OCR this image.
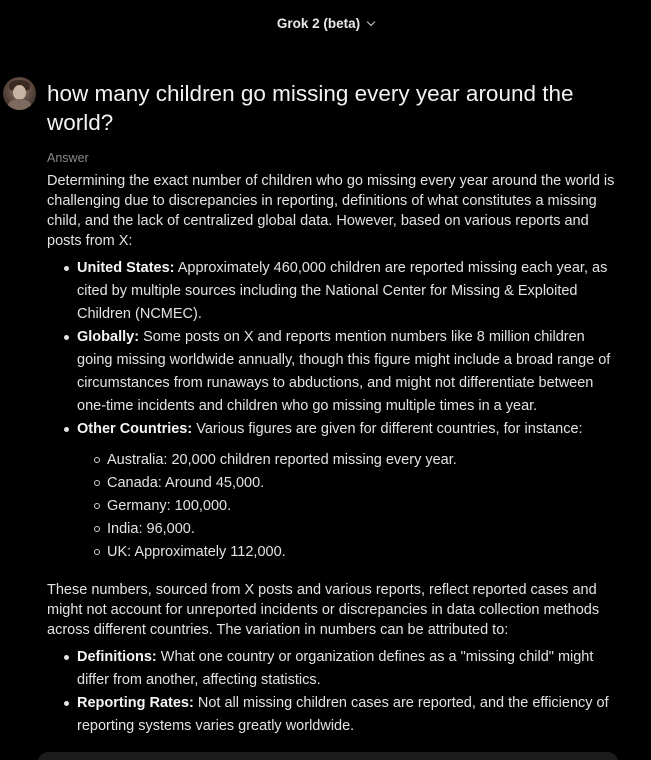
Grok 2 (beta)
how many children go missing every year around the world?
Answer

Determining the exact number of children who go missing every year around the world is challenging due to discrepancies in reporting, definitions of what constitutes a missing child, and the lack of centralized global data. However, based on various reports and posts from X:

United States: Approximately 460,000 children are reported missing each year, as cited by multiple sources including the National Center for Missing & Exploited Children (NCMEC).
Globally: Some posts on X and reports mention numbers like 8 million children going missing worldwide annually, though this figure might include a broad range of circumstances from runaways to abductions, and might not differentiate between one-time incidents and children who go missing multiple times in a year.
Other Countries: Various figures are given for different countries, for instance:
Australia: 20,000 children reported missing every year.
Canada: Around 45,000.
Germany: 100,000.
India: 96,000.
UK: Approximately 112,000.

These numbers, sourced from X posts and various reports, reflect reported cases and might not account for unreported incidents or discrepancies in data collection methods across different countries. The variation in numbers can be attributed to:

Definitions: What one country or organization defines as a "missing child" might differ from another, affecting statistics.
Reporting Rates: Not all missing children cases are reported, and the efficiency of reporting systems varies greatly worldwide.
